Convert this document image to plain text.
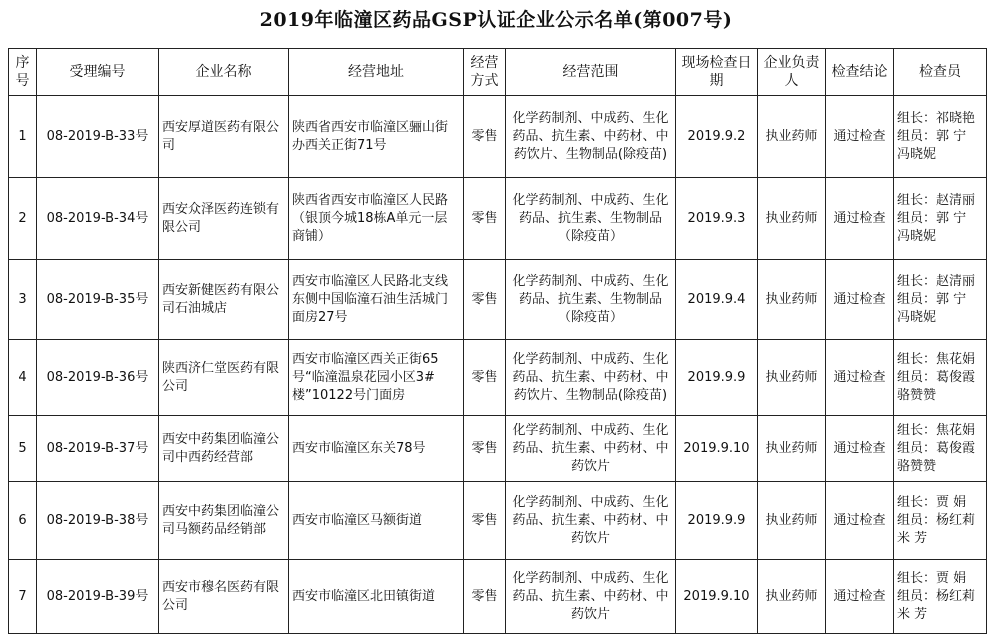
2019年临潼区药品GSP认证企业公示名单(第007号)
序号	受理编号	企业名称	经营地址	经营方式	经营范围	现场检查日期	企业负责人	检查结论	检查员
1	08-2019-B-33号	西安厚道医药有限公司	陕西省西安市临潼区骊山街办西关正街71号	零售	化学药制剂、中成药、生化药品、抗生素、中药材、中药饮片、生物制品(除疫苗)	2019.9.2	执业药师	通过检查	组长：祁晓艳
组员：郭 宁
冯晓妮
2	08-2019-B-34号	西安众泽医药连锁有限公司	陕西省西安市临潼区人民路（银顶今城18栋A单元一层商铺）	零售	化学药制剂、中成药、生化药品、抗生素、生物制品（除疫苗）	2019.9.3	执业药师	通过检查	组长：赵清丽
组员：郭 宁
冯晓妮
3	08-2019-B-35号	西安新健医药有限公司石油城店	西安市临潼区人民路北支线东侧中国临潼石油生活城门面房27号	零售	化学药制剂、中成药、生化药品、抗生素、生物制品（除疫苗）	2019.9.4	执业药师	通过检查	组长：赵清丽
组员：郭 宁
冯晓妮
4	08-2019-B-36号	陕西济仁堂医药有限公司	西安市临潼区西关正街65号“临潼温泉花园小区3#楼”10122号门面房	零售	化学药制剂、中成药、生化药品、抗生素、中药材、中药饮片、生物制品(除疫苗)	2019.9.9	执业药师	通过检查	组长：焦花娟
组员：葛俊霞
骆赞赞
5	08-2019-B-37号	西安中药集团临潼公司中西药经营部	西安市临潼区东关78号	零售	化学药制剂、中成药、生化药品、抗生素、中药材、中药饮片	2019.9.10	执业药师	通过检查	组长：焦花娟
组员：葛俊霞
骆赞赞
6	08-2019-B-38号	西安中药集团临潼公司马额药品经销部	西安市临潼区马额街道	零售	化学药制剂、中成药、生化药品、抗生素、中药材、中药饮片	2019.9.9	执业药师	通过检查	组长：贾 娟
组员：杨红莉
米 芳
7	08-2019-B-39号	西安市穆名医药有限公司	西安市临潼区北田镇街道	零售	化学药制剂、中成药、生化药品、抗生素、中药材、中药饮片	2019.9.10	执业药师	通过检查	组长：贾 娟
组员：杨红莉
米 芳
